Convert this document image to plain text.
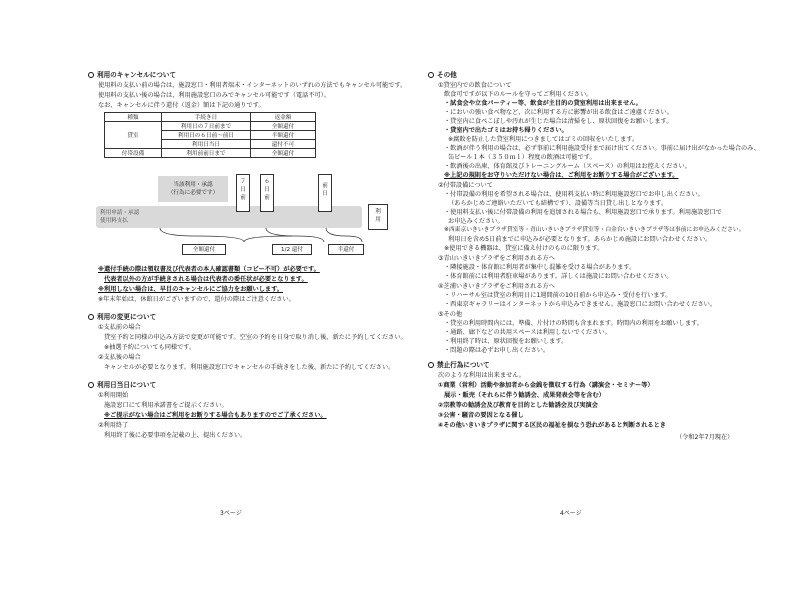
利用のキャンセルについて
使用料の支払い前の場合は、施設窓口・利用者端末・インターネットのいずれの方法でもキャンセル可能です。
使用料の支払い後の場合は、利用施設窓口のみでキャンセル可能です（電話不可）。
なお、キャンセルに伴う還付（返金）額は下記の通りです。
種類	手続き日	返金額
貸室	利用日の７日前まで	全額還付
	利用日の６日前～前日	半額還付
	利用日当日	還付不可
付帯設備	利用前前日まで	全額還付
当該利用・承認
（行為に必要です）
利用申請・承認
使用料支払
７
日
前
６
日
前
前
日
利
用
全額還付	1/2 還付	半還付
※還付手続の際は領収書及び代表者の本人確認書類（コピー不可）が必要です。
代表者以外の方が手続きされる場合は代表者の委任状が必要となります。
※利用しない場合は、早目のキャンセルにご協力をお願いします。
※年末年始は、休館日がございますので、還付の際はご注意ください。
利用の変更について
①支払前の場合
貸室予約と同様の申込み方法で変更が可能です。空室の予約を日身で取り消し後、新たに予約してください。
※抽選予約についても同様です。
②支払後の場合
キャンセルが必要となります。利用施設窓口でキャンセルの手続きをした後、新たに予約してください。
利用日当日について
①利用開始
施設窓口にて利用承諾書をご提示ください。
※ご提示がない場合はご利用をお断りする場合もありますのでご了承ください。
②利用終了
利用終了後に必要事項を記載の上、提出ください。
3ページ
その他
①貸室内での飲食について
飲食可ですが以下のルールを守ってご利用ください。
・試食会や立食パーティー等、飲食が主目的の貸室利用は出来ません。
・においの強い食べ物など、次に利用する方に影響が出る飲食はご遠慮ください。
・貸室内に食べこぼしや汚れが生じた場合は清掃をし、原状回復をお願いします。
・貸室内で出たゴミはお持ち帰りください。
※腐敗を防止した貸室利用につきましてはゴミの回収をいたします。
・飲酒が伴う利用の場合は、必ず事前に利用施設受付まで届け出てください。事前に届け出がなかった場合のみ、
缶ビール１本（３５０ｍｌ）程度の飲酒は可能です。
・飲酒後の出庫、体育館及びトレーニングルーム（スペース）の利用はお控えください。
※上記の規則をお守りいただけない場合は、ご利用をお断りする場合がございます。
②付帯設備について
・付帯設備の利用を希望される場合は、使用料支払い時に利用施設窓口でお申し出ください。
（あらかじめご連絡いただいても結構です）、設備等当日貸し出しとなります。
・使用料支払い後に付帯設備の利用を追加される場合も、利用施設窓口で承ります。利用施設窓口で
お申込みください。
※西東京いきいきプラザ貸室等・青山いきいきプラザ貸室等・白金台いきいきプラザ等は事前にお申込みください。
利用日を含め5日前までに申込みが必要となります。あらかじめ施設にお問い合わせください。
※使用できる機器は、貸室に備え付けのものに限ります。
③青山いきいきプラザをご利用される方へ
・隣接施設・体育館に利用者が集中し混雑を受ける場合があります。
・体育館前には利用者駐車場があります。詳しくは施設にお問い合わせください。
④芝浦いきいきプラザをご利用される方へ
・リハーサル室は貸室の利用日に1週間前の10日前から申込み・受付を行います。
・西東京ギャラリーはインターネットから申込みできません。施設窓口にお問い合わせください。
⑤その他
・貸室の利用時間内には、準備、片付けの時間も含まれます。時間内の利用をお願いします。
・通路、廊下などの共用スペースは利用しないでください。
・利用終了時は、原状回復をお願いします。
・問題の際は必ずお申し出ください。
禁止行為について
次のような利用は出来ません。
①商業（営利）活動や参加者から金銭を徴収する行為（講演会・セミナー等）
展示・販売（それらに伴う勧誘会、成果発表会等を含む）
②宗教等の勧誘会及び教育を目的とした勧誘会及び実演会
③公害・騒音の要因となる催し
④その他いきいきプラザに関する区民の福祉を損なう恐れがあると判断されるとき
（令和2年7月現在）
4ページ
